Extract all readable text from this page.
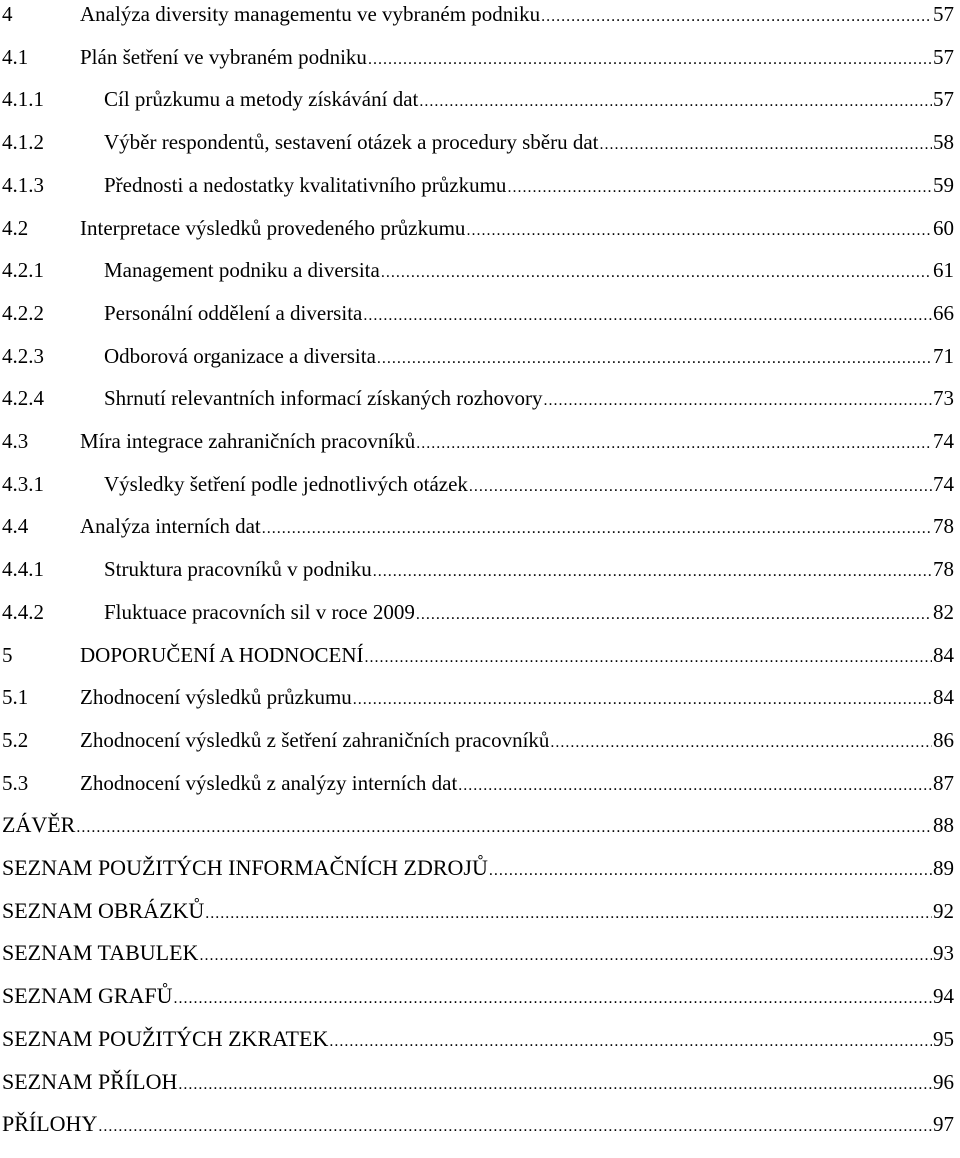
4	Analýza diversity managementu ve vybraném podniku .....	57
4.1	Plán šetření ve vybraném podniku .....	57
4.1.1	Cíl průzkumu a metody získávání dat .....	57
4.1.2	Výběr respondentů, sestavení otázek a procedury sběru dat .....	58
4.1.3	Přednosti a nedostatky kvalitativního průzkumu .....	59
4.2	Interpretace výsledků provedeného průzkumu .....	60
4.2.1	Management podniku a diversita .....	61
4.2.2	Personální oddělení a diversita .....	66
4.2.3	Odborová organizace a diversita .....	71
4.2.4	Shrnutí relevantních informací získaných rozhovory .....	73
4.3	Míra integrace zahraničních pracovníků .....	74
4.3.1	Výsledky šetření podle jednotlivých otázek .....	74
4.4	Analýza interních dat .....	78
4.4.1	Struktura pracovníků v podniku .....	78
4.4.2	Fluktuace pracovních sil v roce 2009 .....	82
5	DOPORUČENÍ A HODNOCENÍ .....	84
5.1	Zhodnocení výsledků průzkumu .....	84
5.2	Zhodnocení výsledků z šetření zahraničních pracovníků .....	86
5.3	Zhodnocení výsledků z analýzy interních dat .....	87
ZÁVĚR .....	88
SEZNAM POUŽITÝCH INFORMAČNÍCH ZDROJŮ .....	89
SEZNAM OBRÁZKŮ .....	92
SEZNAM TABULEK .....	93
SEZNAM GRAFŮ .....	94
SEZNAM POUŽITÝCH ZKRATEK .....	95
SEZNAM PŘÍLOH .....	96
PŘÍLOHY .....	97
